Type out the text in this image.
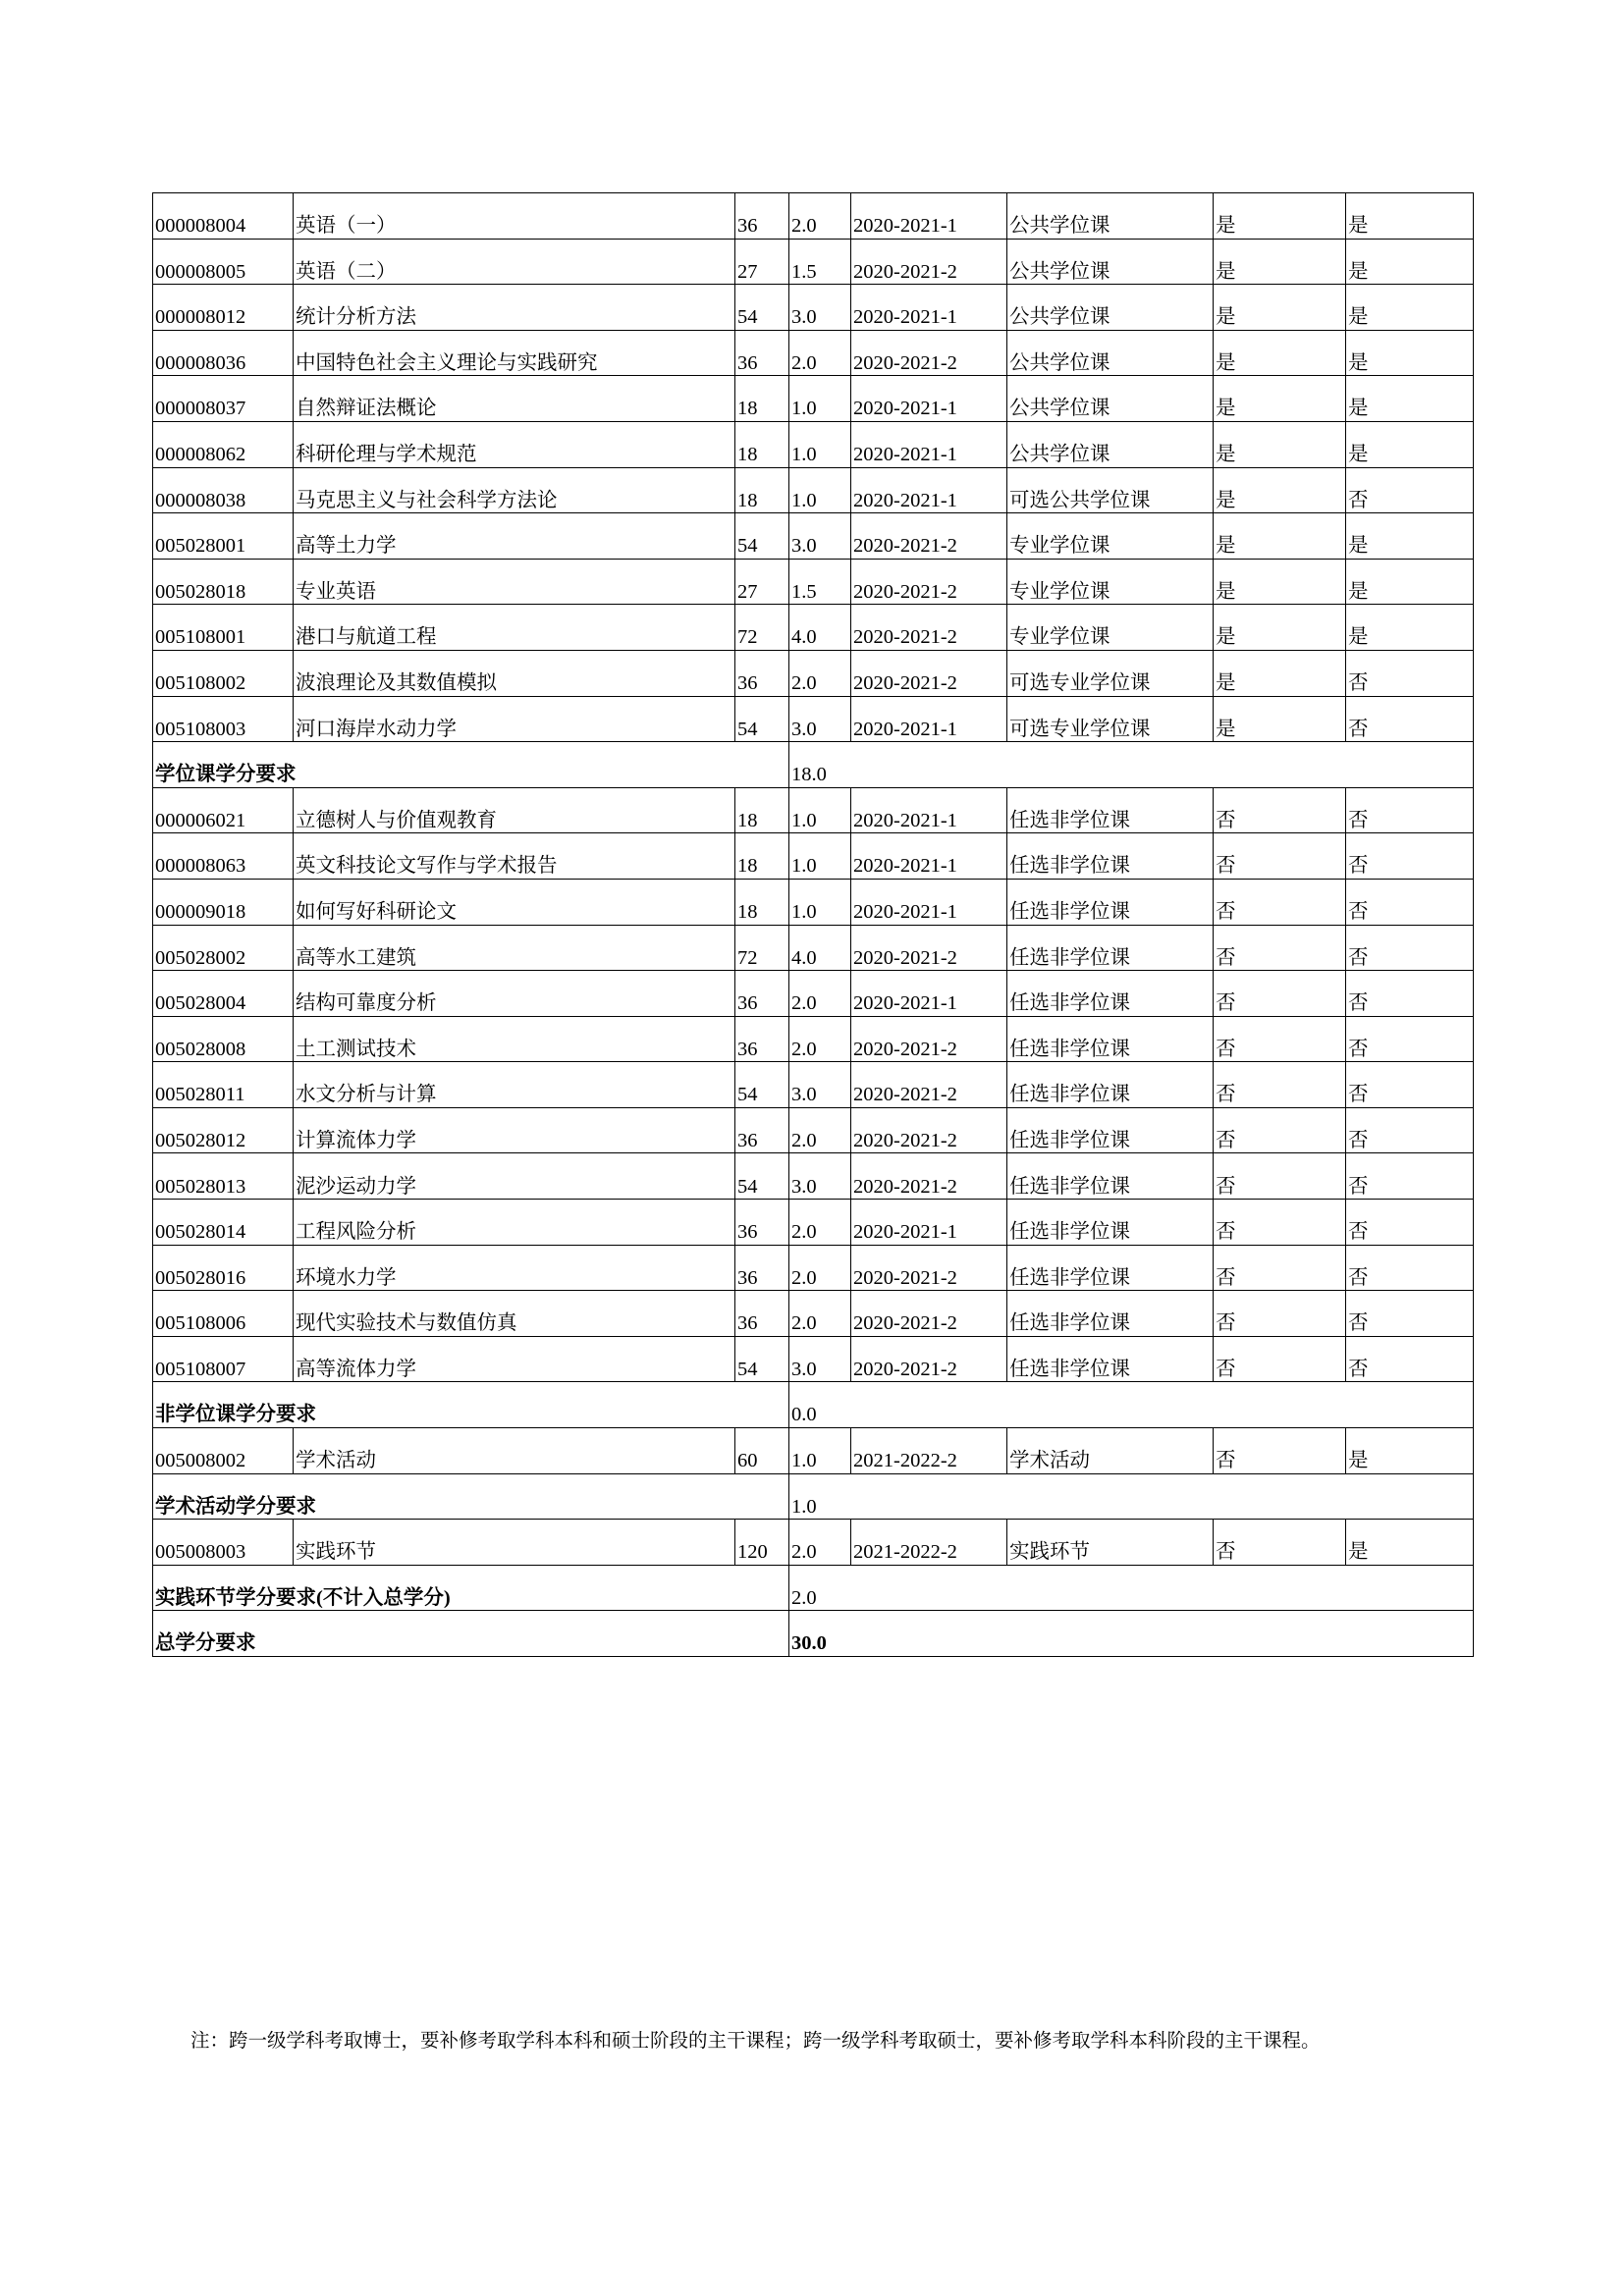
000008004	英语（一）	36	2.0	2020-2021-1	公共学位课	是	是
000008005	英语（二）	27	1.5	2020-2021-2	公共学位课	是	是
000008012	统计分析方法	54	3.0	2020-2021-1	公共学位课	是	是
000008036	中国特色社会主义理论与实践研究	36	2.0	2020-2021-2	公共学位课	是	是
000008037	自然辩证法概论	18	1.0	2020-2021-1	公共学位课	是	是
000008062	科研伦理与学术规范	18	1.0	2020-2021-1	公共学位课	是	是
000008038	马克思主义与社会科学方法论	18	1.0	2020-2021-1	可选公共学位课	是	否
005028001	高等土力学	54	3.0	2020-2021-2	专业学位课	是	是
005028018	专业英语	27	1.5	2020-2021-2	专业学位课	是	是
005108001	港口与航道工程	72	4.0	2020-2021-2	专业学位课	是	是
005108002	波浪理论及其数值模拟	36	2.0	2020-2021-2	可选专业学位课	是	否
005108003	河口海岸水动力学	54	3.0	2020-2021-1	可选专业学位课	是	否
学位课学分要求			18.0				
000006021	立德树人与价值观教育	18	1.0	2020-2021-1	任选非学位课	否	否
000008063	英文科技论文写作与学术报告	18	1.0	2020-2021-1	任选非学位课	否	否
000009018	如何写好科研论文	18	1.0	2020-2021-1	任选非学位课	否	否
005028002	高等水工建筑	72	4.0	2020-2021-2	任选非学位课	否	否
005028004	结构可靠度分析	36	2.0	2020-2021-1	任选非学位课	否	否
005028008	土工测试技术	36	2.0	2020-2021-2	任选非学位课	否	否
005028011	水文分析与计算	54	3.0	2020-2021-2	任选非学位课	否	否
005028012	计算流体力学	36	2.0	2020-2021-2	任选非学位课	否	否
005028013	泥沙运动力学	54	3.0	2020-2021-2	任选非学位课	否	否
005028014	工程风险分析	36	2.0	2020-2021-1	任选非学位课	否	否
005028016	环境水力学	36	2.0	2020-2021-2	任选非学位课	否	否
005108006	现代实验技术与数值仿真	36	2.0	2020-2021-2	任选非学位课	否	否
005108007	高等流体力学	54	3.0	2020-2021-2	任选非学位课	否	否
非学位课学分要求			0.0				
005008002	学术活动	60	1.0	2021-2022-2	学术活动	否	是
学术活动学分要求			1.0				
005008003	实践环节	120	2.0	2021-2022-2	实践环节	否	是
实践环节学分要求(不计入总学分)			2.0				
总学分要求			30.0				
注：跨一级学科考取博士，要补修考取学科本科和硕士阶段的主干课程；跨一级学科考取硕士，要补修考取学科本科阶段的主干课程。
